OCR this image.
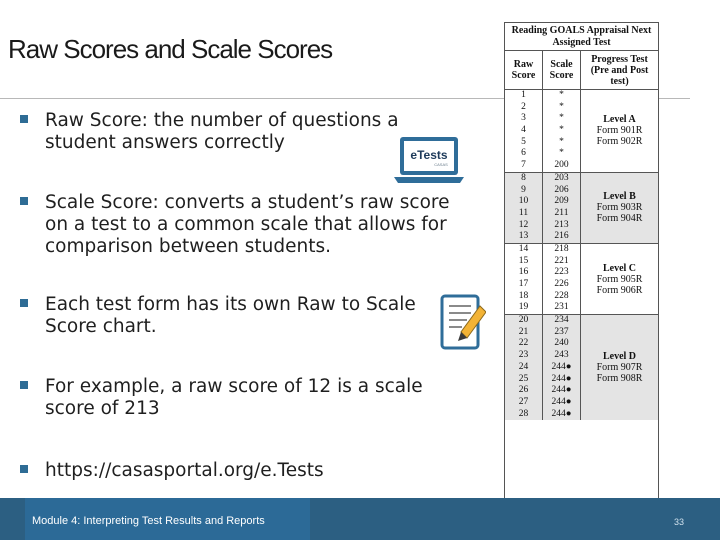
Raw Scores and Scale Scores
Raw Score: the number of questions a student answers correctly
Scale Score: converts a student’s raw score on a test to a common scale that allows for comparison between students.
Each test form has its own Raw to Scale Score chart.
For example, a raw score of 12 is a scale score of 213
https://casasportal.org/e.Tests
eTests
CASAS
Reading GOALS Appraisal Next Assigned Test
Raw Score
Scale Score
Progress Test (Pre and Post test)
1
2
3
4
5
6
7
*
*
*
*
*
*
200
Level A
Form 901R
Form 902R
8
9
10
11
12
13
203
206
209
211
213
216
Level B
Form 903R
Form 904R
14
15
16
17
18
19
218
221
223
226
228
231
Level C
Form 905R
Form 906R
20
21
22
23
24
25
26
27
28
234
237
240
243
244●
244●
244●
244●
244●
Level D
Form 907R
Form 908R
Module 4: Interpreting Test Results and Reports	33
